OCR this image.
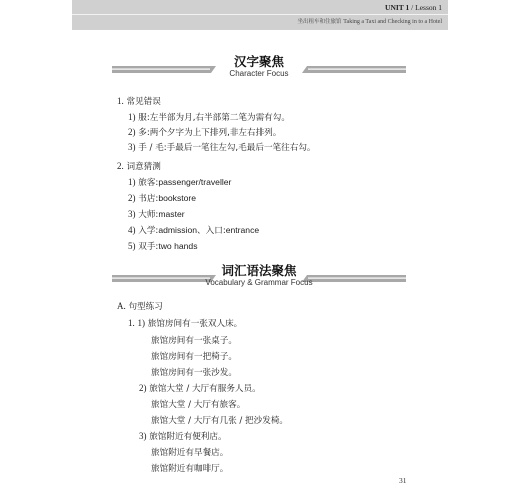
UNIT 1 / Lesson 1
坐出租车和住旅馆 Taking a Taxi and Checking in to a Hotel
汉字聚焦
Character Focus
1. 常见错误
1) 服:左半部为月,右半部第二笔为需有勾。
2) 多:两个夕字为上下排列,非左右排列。
3) 手 / 毛:手最后一笔往左勾,毛最后一笔往右勾。
2. 词意猜测
1) 旅客:passenger/traveller
2) 书店:bookstore
3) 大师:master
4) 入学:admission、入口:entrance
5) 双手:two hands
词汇语法聚焦
Vocabulary & Grammar Focus
A. 句型练习
1. 1) 旅馆房间有一张双人床。
旅馆房间有一张桌子。
旅馆房间有一把椅子。
旅馆房间有一张沙发。
2) 旅馆大堂 / 大厅有服务人员。
旅馆大堂 / 大厅有旅客。
旅馆大堂 / 大厅有几张 / 把沙发椅。
3) 旅馆附近有便利店。
旅馆附近有早餐店。
旅馆附近有咖啡厅。
31
